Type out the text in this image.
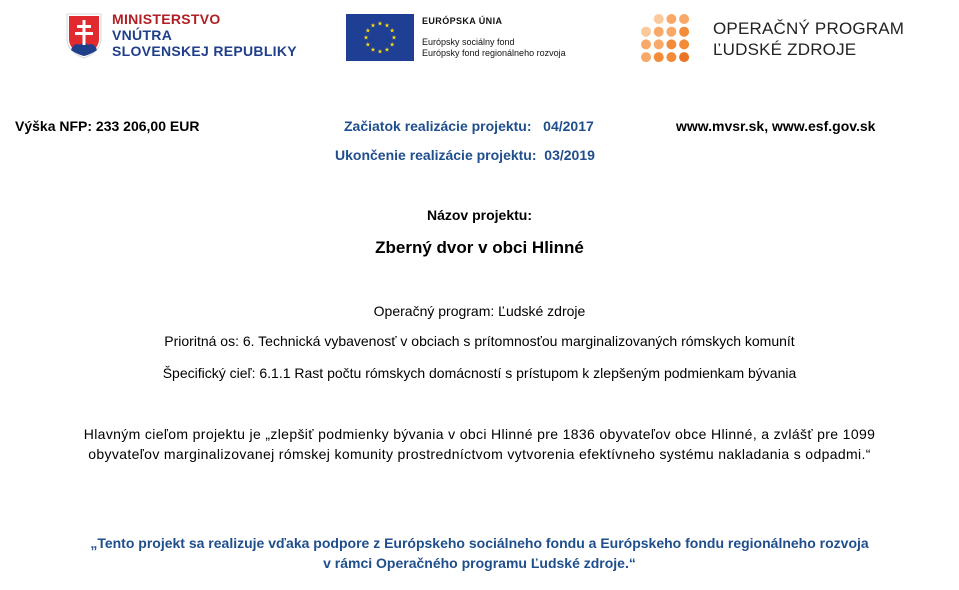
MINISTERSTVO
VNÚTRA
SLOVENSKEJ REPUBLIKY
EURÓPSKA ÚNIA
Európsky sociálny fond
Európsky fond regionálneho rozvoja
OPERAČNÝ PROGRAM
ĽUDSKÉ ZDROJE
Výška NFP: 233 206,00 EUR	Začiatok realizácie projektu:   04/2017
Ukončenie realizácie projektu:  03/2019
www.mvsr.sk, www.esf.gov.sk
Názov projektu:
Zberný dvor v obci Hlinné
Operačný program: Ľudské zdroje
Prioritná os: 6. Technická vybavenosť v obciach s prítomnosťou marginalizovaných rómskych komunít
Špecifický cieľ: 6.1.1 Rast počtu rómskych domácností s prístupom k zlepšeným podmienkam bývania
Hlavným cieľom projektu je „zlepšiť podmienky bývania v obci Hlinné pre 1836 obyvateľov obce Hlinné, a zvlášť pre 1099
obyvateľov marginalizovanej rómskej komunity prostredníctvom vytvorenia efektívneho systému nakladania s odpadmi.“
„Tento projekt sa realizuje vďaka podpore z Európskeho sociálneho fondu a Európskeho fondu regionálneho rozvoja
v rámci Operačného programu Ľudské zdroje.“
